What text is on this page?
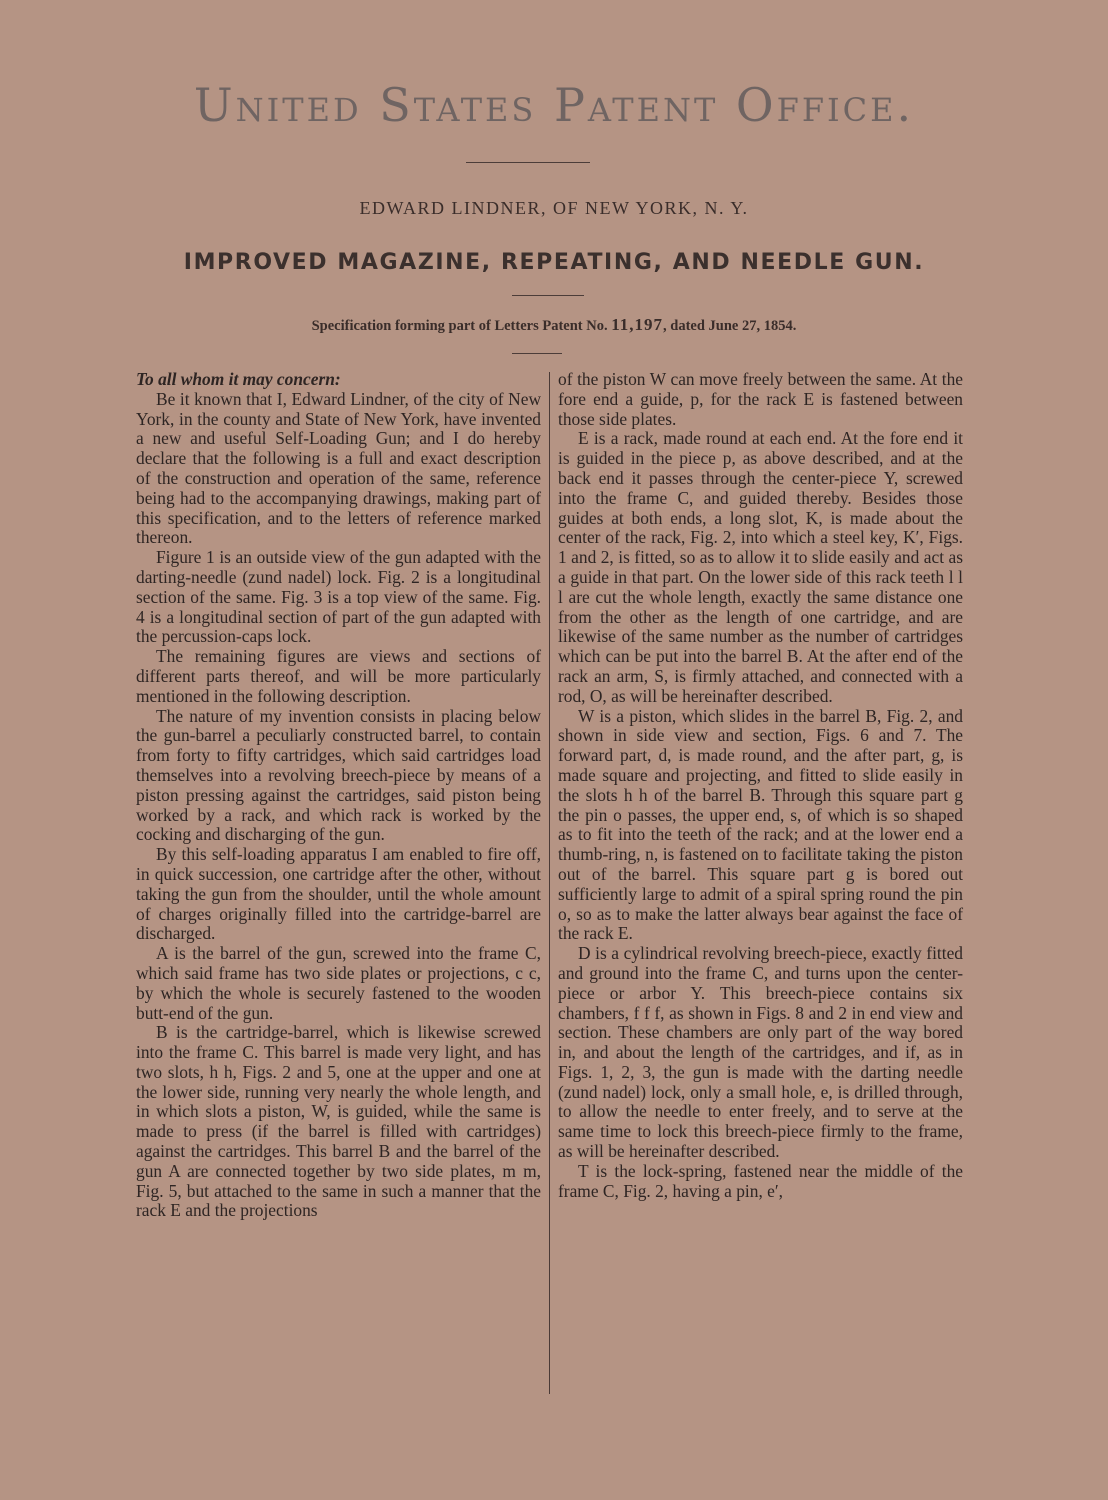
United States Patent Office.
EDWARD LINDNER, OF NEW YORK, N. Y.
IMPROVED MAGAZINE, REPEATING, AND NEEDLE GUN.
Specification forming part of Letters Patent No. 11,197, dated June 27, 1854.

To all whom it may concern:

Be it known that I, Edward Lindner, of the city of New York, in the county and State of New York, have invented a new and useful Self-Loading Gun; and I do hereby declare that the following is a full and exact description of the construction and operation of the same, reference being had to the accompanying drawings, making part of this specification, and to the letters of reference marked thereon.

Figure 1 is an outside view of the gun adapted with the darting-needle (zund nadel) lock. Fig. 2 is a longitudinal section of the same. Fig. 3 is a top view of the same. Fig. 4 is a longitudinal section of part of the gun adapted with the percussion-caps lock.

The remaining figures are views and sections of different parts thereof, and will be more particularly mentioned in the following description.

The nature of my invention consists in placing below the gun-barrel a peculiarly constructed barrel, to contain from forty to fifty cartridges, which said cartridges load themselves into a revolving breech-piece by means of a piston pressing against the cartridges, said piston being worked by a rack, and which rack is worked by the cocking and discharging of the gun.

By this self-loading apparatus I am enabled to fire off, in quick succession, one cartridge after the other, without taking the gun from the shoulder, until the whole amount of charges originally filled into the cartridge-barrel are discharged.

A is the barrel of the gun, screwed into the frame C, which said frame has two side plates or projections, c c, by which the whole is securely fastened to the wooden butt-end of the gun.

B is the cartridge-barrel, which is likewise screwed into the frame C. This barrel is made very light, and has two slots, h h, Figs. 2 and 5, one at the upper and one at the lower side, running very nearly the whole length, and in which slots a piston, W, is guided, while the same is made to press (if the barrel is filled with cartridges) against the cartridges. This barrel B and the barrel of the gun A are connected together by two side plates, m m, Fig. 5, but attached to the same in such a manner that the rack E and the projections

of the piston W can move freely between the same. At the fore end a guide, p, for the rack E is fastened between those side plates.

E is a rack, made round at each end. At the fore end it is guided in the piece p, as above described, and at the back end it passes through the center-piece Y, screwed into the frame C, and guided thereby. Besides those guides at both ends, a long slot, K, is made about the center of the rack, Fig. 2, into which a steel key, K′, Figs. 1 and 2, is fitted, so as to allow it to slide easily and act as a guide in that part. On the lower side of this rack teeth l l l are cut the whole length, exactly the same distance one from the other as the length of one cartridge, and are likewise of the same number as the number of cartridges which can be put into the barrel B. At the after end of the rack an arm, S, is firmly attached, and connected with a rod, O, as will be hereinafter described.

W is a piston, which slides in the barrel B, Fig. 2, and shown in side view and section, Figs. 6 and 7. The forward part, d, is made round, and the after part, g, is made square and projecting, and fitted to slide easily in the slots h h of the barrel B. Through this square part g the pin o passes, the upper end, s, of which is so shaped as to fit into the teeth of the rack; and at the lower end a thumb-ring, n, is fastened on to facilitate taking the piston out of the barrel. This square part g is bored out sufficiently large to admit of a spiral spring round the pin o, so as to make the latter always bear against the face of the rack E.

D is a cylindrical revolving breech-piece, exactly fitted and ground into the frame C, and turns upon the center-piece or arbor Y. This breech-piece contains six chambers, f f f, as shown in Figs. 8 and 2 in end view and section. These chambers are only part of the way bored in, and about the length of the cartridges, and if, as in Figs. 1, 2, 3, the gun is made with the darting needle (zund nadel) lock, only a small hole, e, is drilled through, to allow the needle to enter freely, and to serve at the same time to lock this breech-piece firmly to the frame, as will be hereinafter described.

T is the lock-spring, fastened near the middle of the frame C, Fig. 2, having a pin, e′,
